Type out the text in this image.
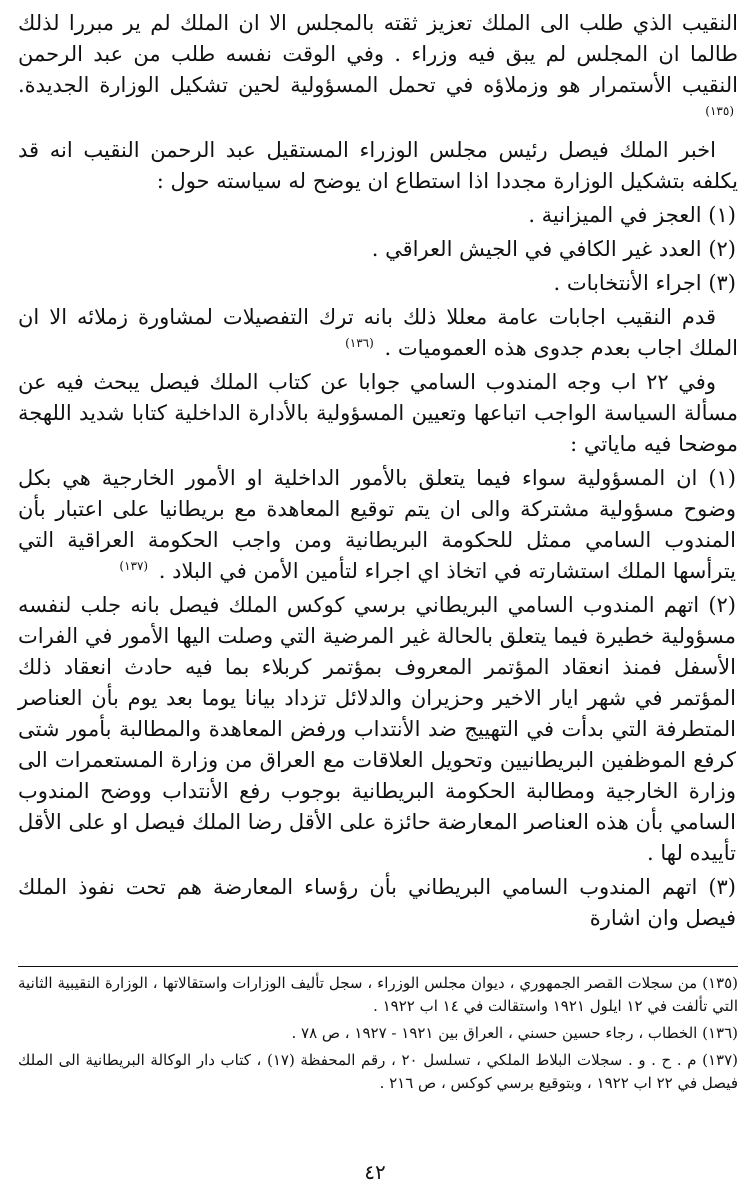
النقيب الذي طلب الى الملك تعزيز ثقته بالمجلس الا ان الملك لم ير مبررا لذلك طالما ان المجلس لم يبق فيه وزراء . وفي الوقت نفسه طلب من عبد الرحمن النقيب الأستمرار هو وزملاؤه في تحمل المسؤولية لحين تشكيل الوزارة الجديدة. $^{(١٣٥)}$

اخبر الملك فيصل رئيس مجلس الوزراء المستقيل عبد الرحمن النقيب انه قد يكلفه بتشكيل الوزارة مجددا اذا استطاع ان يوضح له سياسته حول :

(١) العجز في الميزانية .

(٢) العدد غير الكافي في الجيش العراقي .

(٣) اجراء الأنتخابات .

قدم النقيب اجابات عامة معللا ذلك بانه ترك التفصيلات لمشاورة زملائه الا ان الملك اجاب بعدم جدوى هذه العموميات . $^{(١٣٦)}$

وفي ٢٢ اب وجه المندوب السامي جوابا عن كتاب الملك فيصل يبحث فيه عن مسألة السياسة الواجب اتباعها وتعيين المسؤولية بالأدارة الداخلية كتابا شديد اللهجة موضحا فيه ماياتي :

(١) ان المسؤولية سواء فيما يتعلق بالأمور الداخلية او الأمور الخارجية هي بكل وضوح مسؤولية مشتركة والى ان يتم توقيع المعاهدة مع بريطانيا على اعتبار بأن المندوب السامي ممثل للحكومة البريطانية ومن واجب الحكومة العراقية التي يترأسها الملك استشارته في اتخاذ اي اجراء لتأمين الأمن في البلاد . $^{(١٣٧)}$

(٢) اتهم المندوب السامي البريطاني برسي كوكس الملك فيصل بانه جلب لنفسه مسؤولية خطيرة فيما يتعلق بالحالة غير المرضية التي وصلت اليها الأمور في الفرات الأسفل فمنذ انعقاد المؤتمر المعروف بمؤتمر كربلاء بما فيه حادث انعقاد ذلك المؤتمر في شهر ايار الاخير وحزيران والدلائل تزداد بيانا يوما بعد يوم بأن العناصر المتطرفة التي بدأت في التهييج ضد الأنتداب ورفض المعاهدة والمطالبة بأمور شتى كرفع الموظفين البريطانيين وتحويل العلاقات مع العراق من وزارة المستعمرات الى وزارة الخارجية ومطالبة الحكومة البريطانية بوجوب رفع الأنتداب ووضح المندوب السامي بأن هذه العناصر المعارضة حائزة على الأقل رضا الملك فيصل او على الأقل تأييده لها .

(٣) اتهم المندوب السامي البريطاني بأن رؤساء المعارضة هم تحت نفوذ الملك فيصل وان اشارة

(١٣٥) من سجلات القصر الجمهوري ، ديوان مجلس الوزراء ، سجل تأليف الوزارات واستقالاتها ، الوزارة النقيبية الثانية التي تألفت في ١٢ ايلول ١٩٢١ واستقالت في ١٤ اب ١٩٢٢ .

(١٣٦) الخطاب ، رجاء حسين حسني ، العراق بين ١٩٢١ - ١٩٢٧ ، ص ٧٨ .

(١٣٧) م . ح . و . سجلات البلاط الملكي ، تسلسل ٢٠ ، رقم المحفظة (١٧) ، كتاب دار الوكالة البريطانية الى الملك فيصل في ٢٢ اب ١٩٢٢ ، وبتوقيع برسي كوكس ، ص ٢١٦ .

٤٢
